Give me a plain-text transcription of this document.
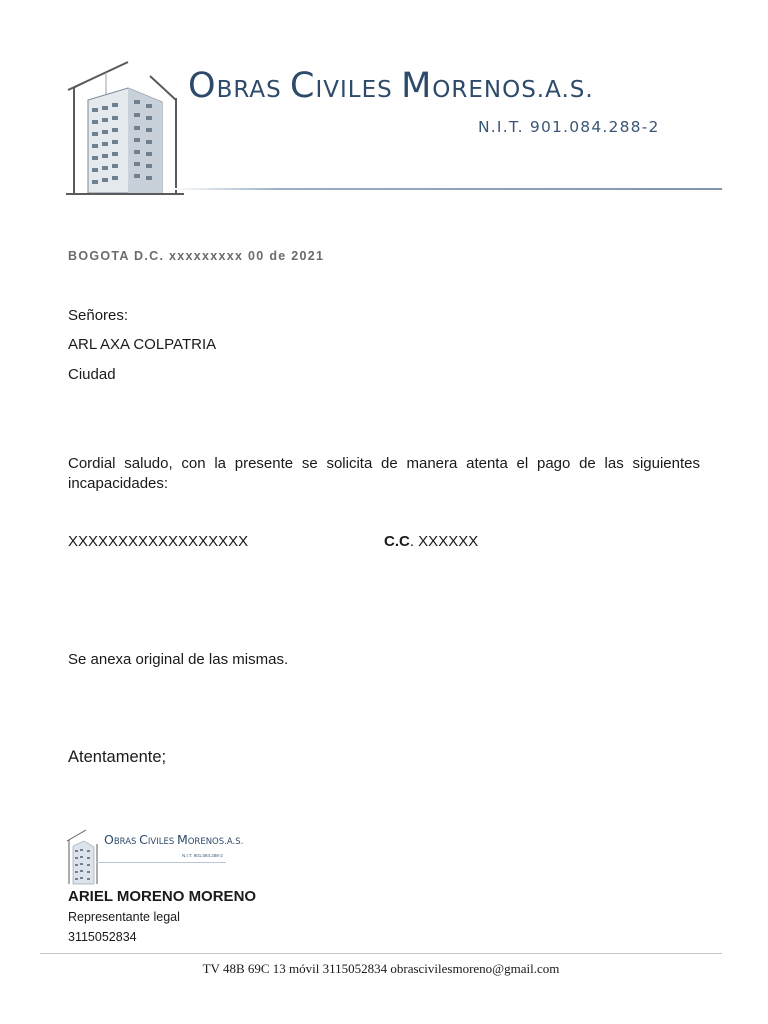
OBRAS CIVILES MORENOS.A.S.
N.I.T. 901.084.288-2
BOGOTA D.C. xxxxxxxxx 00 de 2021
Señores:
ARL AXA COLPATRIA
Ciudad
Cordial saludo, con la presente se solicita de manera atenta el pago de las siguientes incapacidades:
XXXXXXXXXXXXXXXXXX	C.C. XXXXXX
Se anexa original de las mismas.
Atentamente;
OBRAS CIVILES MORENOS.A.S.
N.I.T. 901.084.288-2
ARIEL MORENO MORENO
Representante legal
3115052834
TV 48B 69C 13 móvil 3115052834 obrascivilesmoreno@gmail.com
